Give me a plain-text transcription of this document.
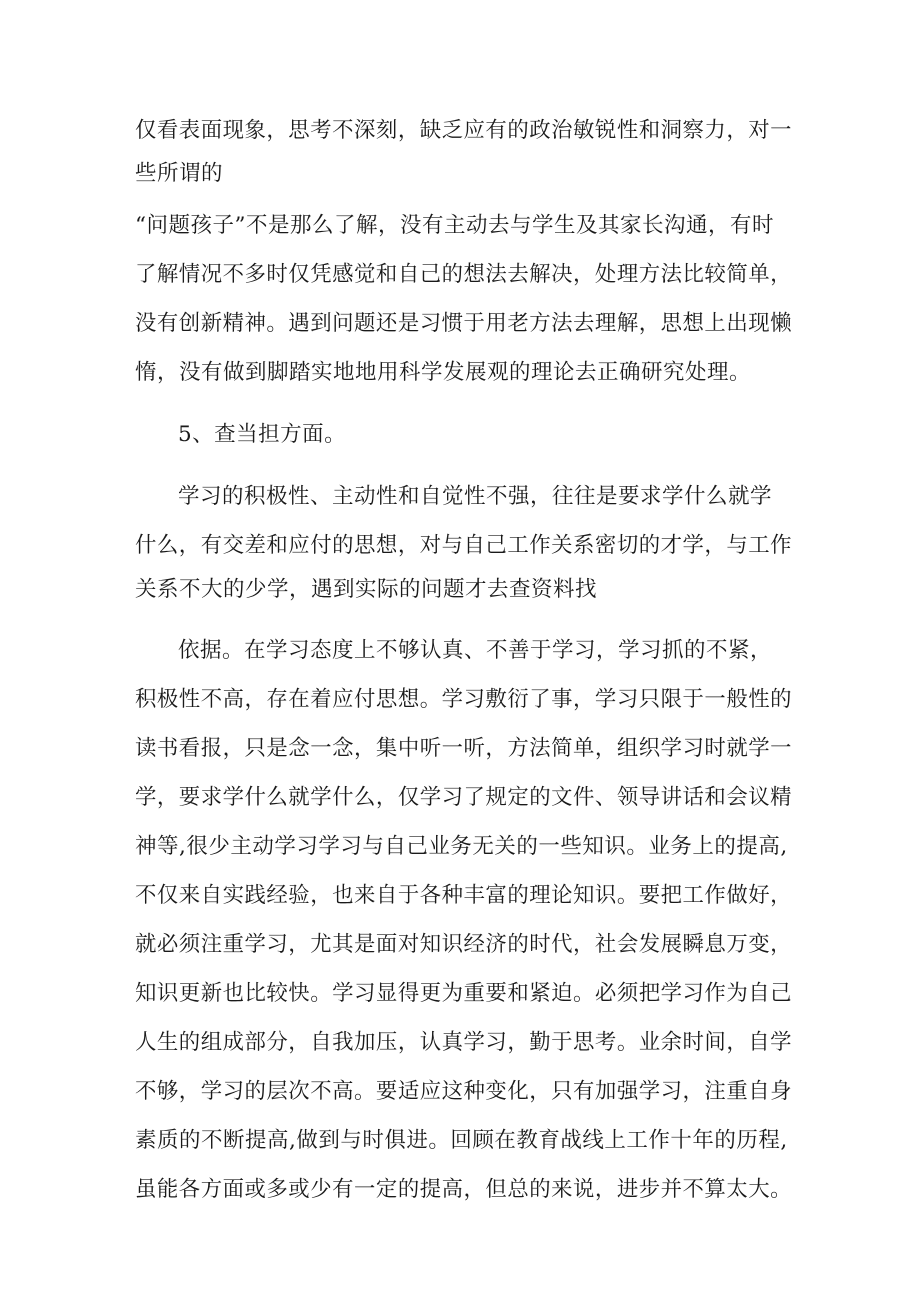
仅看表面现象，思考不深刻，缺乏应有的政治敏锐性和洞察力，对一
些所谓的
“问题孩子”不是那么了解，没有主动去与学生及其家长沟通，有时
了解情况不多时仅凭感觉和自己的想法去解决，处理方法比较简单，
没有创新精神。遇到问题还是习惯于用老方法去理解，思想上出现懒
惰，没有做到脚踏实地地用科学发展观的理论去正确研究处理。
5、查当担方面。
学习的积极性、主动性和自觉性不强，往往是要求学什么就学
什么，有交差和应付的思想，对与自己工作关系密切的才学，与工作
关系不大的少学，遇到实际的问题才去查资料找
依据。在学习态度上不够认真、不善于学习，学习抓的不紧，
积极性不高，存在着应付思想。学习敷衍了事，学习只限于一般性的
读书看报，只是念一念，集中听一听，方法简单，组织学习时就学一
学，要求学什么就学什么，仅学习了规定的文件、领导讲话和会议精
神等,很少主动学习学习与自己业务无关的一些知识。业务上的提高,
不仅来自实践经验，也来自于各种丰富的理论知识。要把工作做好，
就必须注重学习，尤其是面对知识经济的时代，社会发展瞬息万变，
知识更新也比较快。学习显得更为重要和紧迫。必须把学习作为自己
人生的组成部分，自我加压，认真学习，勤于思考。业余时间，自学
不够，学习的层次不高。要适应这种变化，只有加强学习，注重自身
素质的不断提高,做到与时俱进。回顾在教育战线上工作十年的历程,
虽能各方面或多或少有一定的提高，但总的来说，进步并不算太大。
